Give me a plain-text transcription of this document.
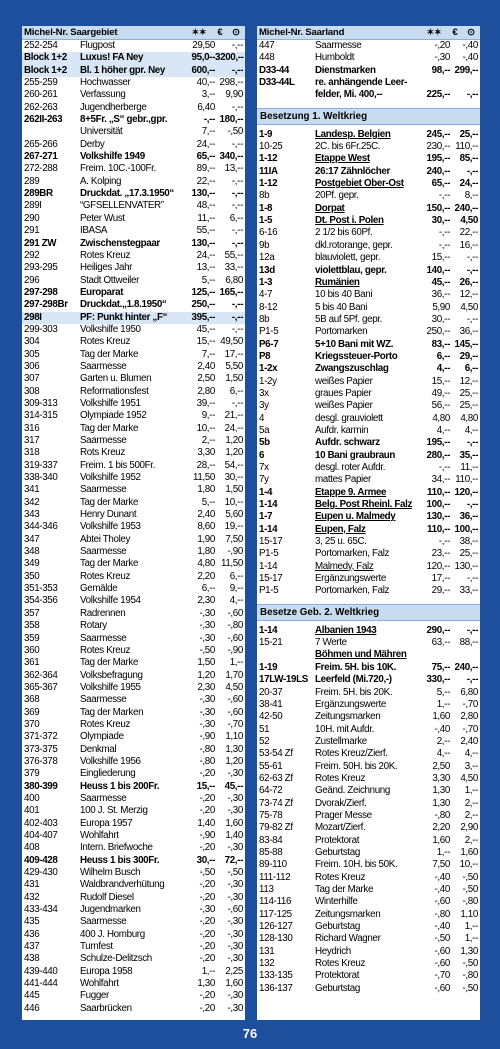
Michel-Nr. Saargebiet	✶✶	€ ⊙
252-254	Flugpost	29,50	-,--
Block 1+2	Luxus! FA Ney	95,0-- 3200,--
Block 1+2	Bl. 1 höher gpr. Ney	600,--	-,--
255-259	Hochwasser	40,-- 298,--
260-261	Verfassung	3,--	9,90
262-263	Jugendherberge	6,40	-,--
262II-263	8+5Fr. „S“ gebr.,gpr.	-,-- 180,--
Universität	7,--	-,50
265-266	Derby	24,--	-,--
267-271	Volkshilfe 1949	65,-- 340,--
272-288	Freim. 10C.-100Fr.	89,-- 13,--
289	A. Kolping	22,--	-,--
289BR	Druckdat. „17.3.1950“	130,--	-,--
289I	“GFSELLENVATER”	48,--	-,--
290	Peter Wust	11,--	6,--
291	IBASA	55,--	-,--
291 ZW	Zwischenstegpaar	130,--	-,--
292	Rotes Kreuz	24,-- 55,--
293-295	Heiliges Jahr	13,-- 33,--
296	Stadt Ottweiler	5,--	6,80
297-298	Europarat	125,-- 165,--
297-298Br	Druckdat.„1.8.1950“	250,--	-,--
298I	PF: Punkt hinter „F“	395,--	-,--
299-303	Volkshilfe 1950	45,--	-,--
304	Rotes Kreuz	15,-- 49,50
305	Tag der Marke	7,-- 17,--
306	Saarmesse	2,40	5,50
307	Garten u. Blumen	2,50	1,50
308	Reformationsfest	2,80	6,--
309-313	Volkshilfe 1951	39,--	-,--
314-315	Olympiade 1952	9,-- 21,--
316	Tag der Marke	10,-- 24,--
317	Saarmesse	2,--	1,20
318	Rots Kreuz	3,30	1,20
319-337	Freim. 1 bis 500Fr.	28,-- 54,--
338-340	Volkshilfe 1952	11,50 30,--
341	Saarmesse	1,80	1,50
342	Tag der Marke	5,-- 10,--
343	Henry Dunant	2,40	5,60
344-346	Volkshilfe 1953	8,60 19,--
347	Abtei Tholey	1,90	7,50
348	Saarmesse	1,80	-,90
349	Tag der Marke	4,80 11,50
350	Rotes Kreuz	2,20	6,--
351-353	Gemälde	6,--	9,--
354-356	Volkshilfe 1954	2,30	4,--
357	Radrennen	-,30	-,60
358	Rotary	-,30	-,80
359	Saarmesse	-,30	-,60
360	Rotes Kreuz	-,50	-,90
361	Tag der Marke	1,50	1,--
362-364	Volksbefragung	1,20	1,70
365-367	Volkshilfe 1955	2,30	4,50
368	Saarmesse	-,30	-,60
369	Tag der Marken	-,30	-,60
370	Rotes Kreuz	-,30	-,70
371-372	Olympiade	-,90	1,10
373-375	Denkmal	-,80	1,30
376-378	Volkshilfe 1956	-,80	1,20
379	Eingliederung	-,20	-,30
380-399	Heuss 1 bis 200Fr.	15,-- 45,--
400	Saarmesse	-,20	-,30
401	100 J. St. Merzig	-,20	-,30
402-403	Europa 1957	1,40	1,60
404-407	Wohlfahrt	-,90	1,40
408	Intern. Briefwoche	-,20	-,30
409-428	Heuss 1 bis 300Fr.	30,-- 72,--
429-430	Wilhelm Busch	-,50	-,50
431	Waldbrandverhütung	-,20	-,30
432	Rudolf Diesel	-,20	-,30
433-434	Jugendmarken	-,30	-,60
435	Saarmesse	-,20	-,30
436	400 J. Homburg	-,20	-,30
437	Turnfest	-,20	-,30
438	Schulze-Delitzsch	-,20	-,30
439-440	Europa 1958	1,--	2,25
441-444	Wohlfahrt	1,30	1,60
445	Fugger	-,20	-,30
446	Saarbrücken	-,20	-,30
Michel-Nr. Saarland	✶✶	€ ⊙
447	Saarmesse	-,20	-,40
448	Humboldt	-,30	-,40
D33-44	Dienstmarken	98,-- 299,--
D33-44L	re. anhängende Leer-
felder, Mi. 400,--	225,--	-,--
Besetzung 1. Weltkrieg
1-9	Landesp. Belgien	245,-- 25,--
10-25	2C. bis 6Fr.25C.	230,-- 110,--
1-12	Etappe West	195,-- 85,--
11IA	26:17 Zähnlöcher	240,--	-,--
1-12	Postgebiet Ober-Ost	65,-- 24,--
8b	20Pf. gepr.	-,--	8,--
1-8	Dorpat	150,-- 240,--
1-5	Dt. Post i. Polen	30,--	4,50
6-16	2 1/2 bis 60Pf.	-,-- 22,--
9b	dkl.rotorange, gepr.	-,-- 16,--
12a	blauviolett, gepr.	15,--	-,--
13d	violettblau, gepr.	140,--	-,--
1-3	Rumänien	45,-- 26,--
4-7	10 bis 40 Bani	36,-- 12,--
8-12	5 bis 40 Bani	5,90	4,50
8b	5B auf 5Pf. gepr.	30,--	-,--
P1-5	Portomarken	250,-- 36,--
P6-7	5+10 Bani mit WZ.	83,-- 145,--
P8	Kriegssteuer-Porto	6,-- 29,--
1-2x	Zwangszuschlag	4,--	6,--
1-2y	weißes Papier	15,-- 12,--
3x	graues Papier	49,-- 25,--
3y	weißes Papier	56,-- 25,--
4	desgl. grauviolett	4,80	4,80
5a	Aufdr. karmin	4,--	4,--
5b	Aufdr. schwarz	195,--	-,--
6	10 Bani graubraun	280,-- 35,--
7x	desgl. roter Aufdr.	-,--	11,--
7y	mattes Papier	34,-- 110,--
1-4	Etappe 9. Armee	110,-- 120,--
1-14	Belg. Post Rheinl. Falz	100,--	-,--
1-7	Eupen u. Malmedy	130,-- 36,--
1-14	Eupen, Falz	110,-- 100,--
15-17	3, 25 u. 65C.	-,-- 38,--
P1-5	Portomarken, Falz	23,-- 25,--
1-14	Malmedy, Falz	120,-- 130,--
15-17	Ergänzungswerte	17,--	-,--
P1-5	Portomarken, Falz	29,-- 33,--
Besetze Geb. 2. Weltkrieg
1-14	Albanien 1943	290,--	-,--
15-21	7 Werte	63,-- 88,--
Böhmen und Mähren
1-19	Freim. 5H. bis 10K.	75,-- 240,--
17LW-19LS Leerfeld (Mi.720,-)	330,--	-,--
20-37	Freim. 5H. bis 20K.	5,--	6,80
38-41	Ergänzungswerte	1,--	-,70
42-50	Zeitungsmarken	1,60	2,80
51	10H. mit Aufdr.	-,40	-,70
52	Zustellmarke	2,--	2,40
53-54 Zf	Rotes Kreuz/Zierf.	4,--	4,--
55-61	Freim. 50H. bis 20K.	2,50	3,--
62-63 Zf	Rotes Kreuz	3,30	4,50
64-72	Geänd. Zeichnung	1,30	1,--
73-74 Zf	Dvorak/Zierf.	1,30	2,--
75-78	Prager Messe	-,80	2,--
79-82 Zf	Mozart/Zierf.	2,20	2,90
83-84	Protektorat	1,60	2,--
85-88	Geburtstag	1,--	1,60
89-110	Freim. 10H. bis 50K.	7,50 10,--
111-112	Rotes Kreuz	-,40	-,50
113	Tag der Marke	-,40	-,50
114-116	Winterhilfe	-,60	-,80
117-125	Zeitungsmarken	-,80	1,10
126-127	Geburtstag	-,40	1,--
128-130	Richard Wagner	-,50	1,--
131	Heydrich	-,60	1,30
132	Rotes Kreuz	-,60	-,50
133-135	Protektorat	-,70	-,80
136-137	Geburtstag	-,60	-,50
76
